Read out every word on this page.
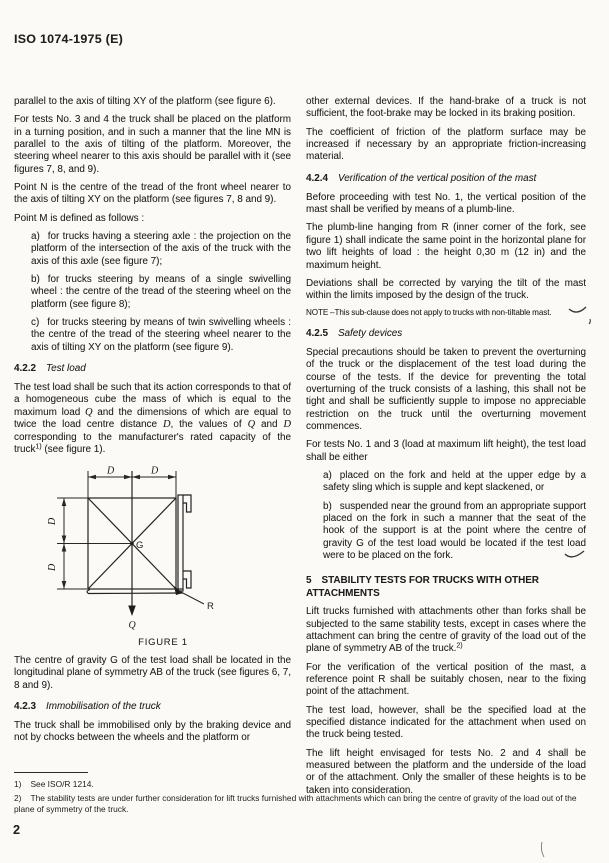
ISO 1074-1975 (E)
parallel to the axis of tilting XY of the platform (see figure 6).
For tests No. 3 and 4 the truck shall be placed on the platform in a turning position, and in such a manner that the line MN is parallel to the axis of tilting of the platform. Moreover, the steering wheel nearer to this axis should be parallel with it (see figures 7, 8, and 9).
Point N is the centre of the tread of the front wheel nearer to the axis of tilting XY on the platform (see figures 7, 8 and 9).
Point M is defined as follows :
a) for trucks having a steering axle : the projection on the platform of the intersection of the axis of the truck with the axis of this axle (see figure 7);
b) for trucks steering by means of a single swivelling wheel : the centre of the tread of the steering wheel on the platform (see figure 8);
c) for trucks steering by means of twin swivelling wheels : the centre of the tread of the steering wheel nearer to the axis of tilting XY on the platform (see figure 9).
4.2.2 Test load
The test load shall be such that its action corresponds to that of a homogeneous cube the mass of which is equal to the maximum load Q and the dimensions of which are equal to twice the load centre distance D, the values of Q and D corresponding to the manufacturer's rated capacity of the truck$^{1)}$ (see figure 1).
D	D
D
D
G
Q
R
FIGURE 1
The centre of gravity G of the test load shall be located in the longitudinal plane of symmetry AB of the truck (see figures 6, 7, 8 and 9).
4.2.3 Immobilisation of the truck
The truck shall be immobilised only by the braking device and not by chocks between the wheels and the platform or
other external devices. If the hand-brake of a truck is not sufficient, the foot-brake may be locked in its braking position.
The coefficient of friction of the platform surface may be increased if necessary by an appropriate friction-increasing material.
4.2.4 Verification of the vertical position of the mast
Before proceeding with test No. 1, the vertical position of the mast shall be verified by means of a plumb-line.
The plumb-line hanging from R (inner corner of the fork, see figure 1) shall indicate the same point in the horizontal plane for two lift heights of load : the height 0,30 m (12 in) and the maximum height.
Deviations shall be corrected by varying the tilt of the mast within the limits imposed by the design of the truck.
NOTE –This sub-clause does not apply to trucks with non-tiltable mast.
4.2.5 Safety devices
Special precautions should be taken to prevent the overturning of the truck or the displacement of the test load during the course of the tests. If the device for preventing the total overturning of the truck consists of a lashing, this shall not be tight and shall be sufficiently supple to impose no appreciable restriction on the truck until the overturning movement commences.
For tests No. 1 and 3 (load at maximum lift height), the test load shall be either
a) placed on the fork and held at the upper edge by a safety sling which is supple and kept slackened, or
b) suspended near the ground from an appropriate support placed on the fork in such a manner that the seat of the hook of the support is at the point where the centre of gravity G of the test load would be located if the test load were to be placed on the fork.
5 STABILITY TESTS FOR TRUCKS WITH OTHER ATTACHMENTS
Lift trucks furnished with attachments other than forks shall be subjected to the same stability tests, except in cases where the attachment can bring the centre of gravity of the load out of the plane of symmetry AB of the truck.$^{2)}$
For the verification of the vertical position of the mast, a reference point R shall be suitably chosen, near to the fixing point of the attachment.
The test load, however, shall be the specified load at the specified distance indicated for the attachment when used on the truck being tested.
The lift height envisaged for tests No. 2 and 4 shall be measured between the platform and the underside of the load or of the attachment. Only the smaller of these heights is to be taken into consideration.
1) See ISO/R 1214.
2) The stability tests are under further consideration for lift trucks furnished with attachments which can bring the centre of gravity of the load out of the plane of symmetry of the truck.
2
